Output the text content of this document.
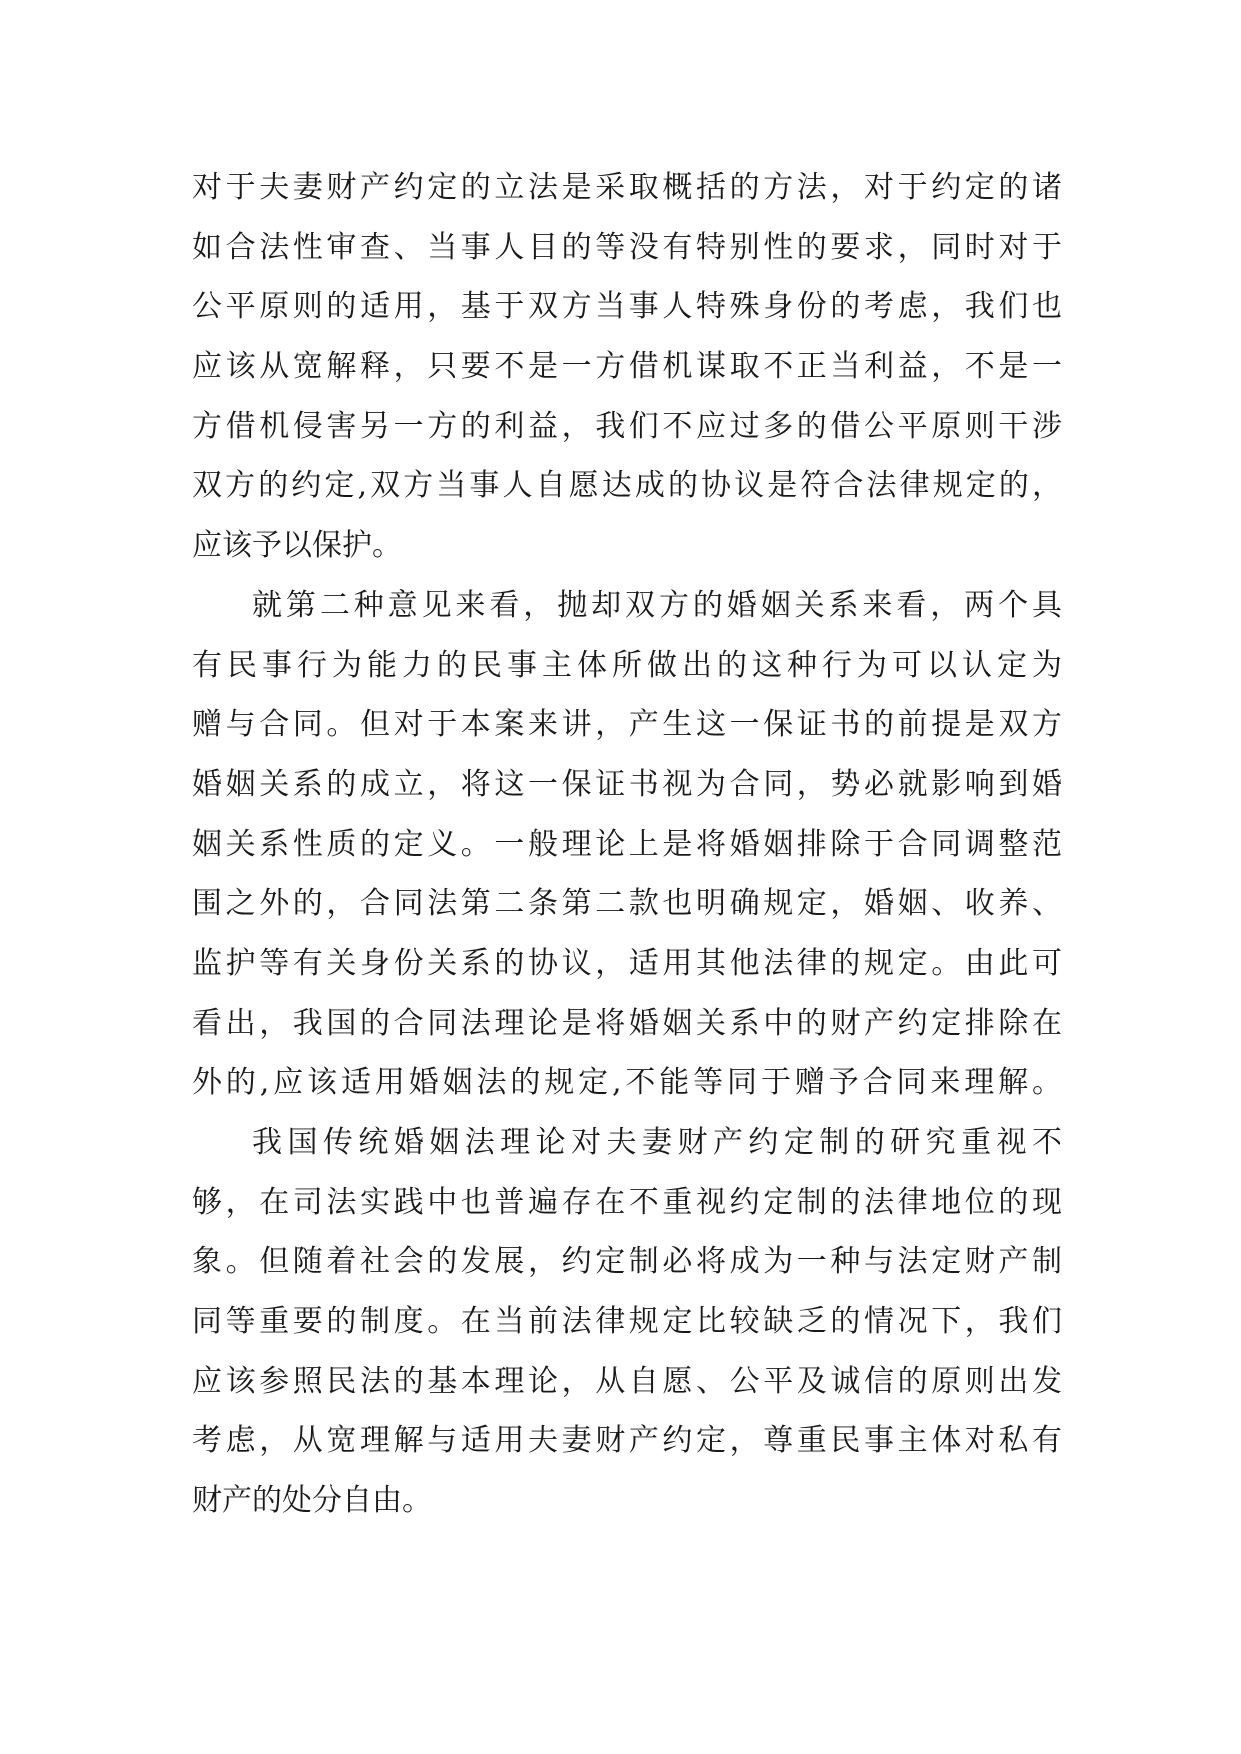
对于夫妻财产约定的立法是采取概括的方法，对于约定的诸
如合法性审查、当事人目的等没有特别性的要求，同时对于
公平原则的适用，基于双方当事人特殊身份的考虑，我们也
应该从宽解释，只要不是一方借机谋取不正当利益，不是一
方借机侵害另一方的利益，我们不应过多的借公平原则干涉
双方的约定,双方当事人自愿达成的协议是符合法律规定的，
应该予以保护。
就第二种意见来看，抛却双方的婚姻关系来看，两个具
有民事行为能力的民事主体所做出的这种行为可以认定为
赠与合同。但对于本案来讲，产生这一保证书的前提是双方
婚姻关系的成立，将这一保证书视为合同，势必就影响到婚
姻关系性质的定义。一般理论上是将婚姻排除于合同调整范
围之外的，合同法第二条第二款也明确规定，婚姻、收养、
监护等有关身份关系的协议，适用其他法律的规定。由此可
看出，我国的合同法理论是将婚姻关系中的财产约定排除在
外的,应该适用婚姻法的规定,不能等同于赠予合同来理解。
我国传统婚姻法理论对夫妻财产约定制的研究重视不
够，在司法实践中也普遍存在不重视约定制的法律地位的现
象。但随着社会的发展，约定制必将成为一种与法定财产制
同等重要的制度。在当前法律规定比较缺乏的情况下，我们
应该参照民法的基本理论，从自愿、公平及诚信的原则出发
考虑，从宽理解与适用夫妻财产约定，尊重民事主体对私有
财产的处分自由。
